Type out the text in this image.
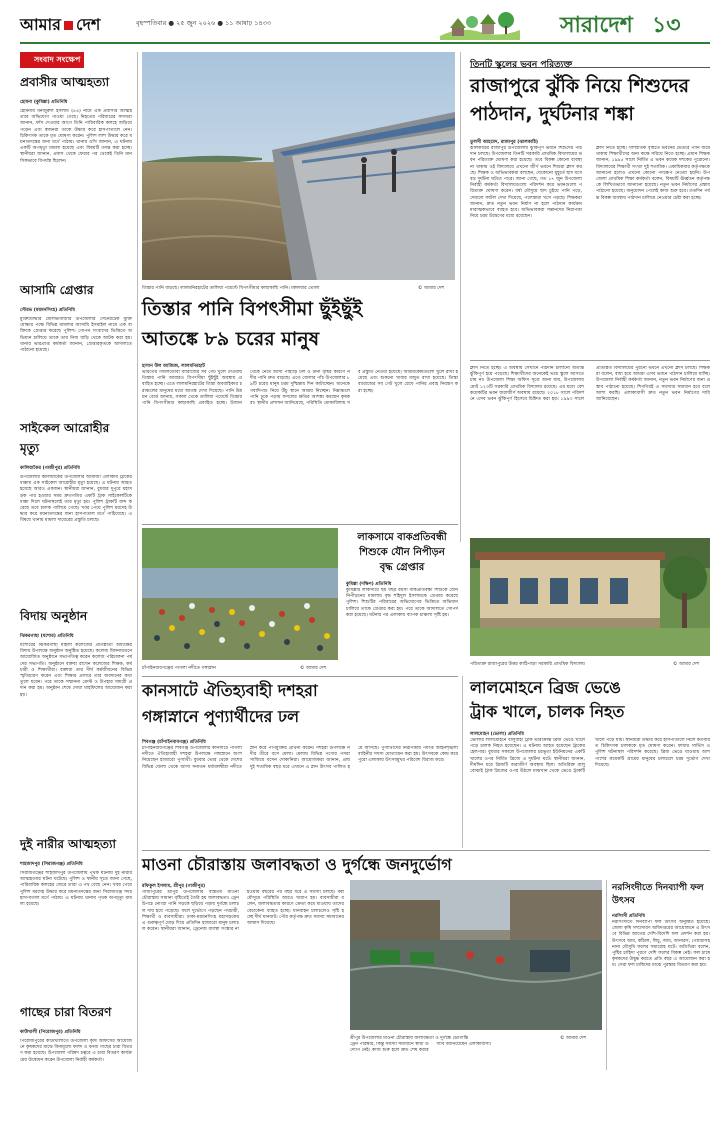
আমার দেশ	বৃহস্পতিবার ● ২৫ জুন ২০২৬ ● ১১ আষাঢ় ১৪৩৩	সারাদেশ ১৩
সংবাদ সংক্ষেপ
প্রবাসীর আত্মহত্যা
হোমনা (কুমিল্লা) প্রতিনিধি
হোমনায় মনজুরুল ইসলাম (৫৪) নামে এক প্রবাসীর আত্মহত্যার অভিযোগ পাওয়া গেছে। নিহতের পরিবারের সদস্যরা জানান, ফাঁস দেওয়ার আগে তিনি পারিবারিক কলহে জড়িয়ে পড়েন এবং স্বজনরা তাকে উদ্ধার করে হাসপাতালে নেন। চিকিৎসক তাকে মৃত ঘোষণা করেন। পুলিশ লাশ উদ্ধার করে ময়নাতদন্তের জন্য মর্গে পাঠায়। থানার ওসি জানান, এ ঘটনায় একটি অপমৃত্যু মামলা হয়েছে এবং বিষয়টি তদন্ত করা হচ্ছে। স্থানীয়রা জানান, প্রবাস থেকে ফেরার পর থেকেই তিনি মানসিকভাবে বিপর্যস্ত ছিলেন।
আসামি গ্রেপ্তার
সৌরভ (ময়মনসিংহ) প্রতিনিধি
মুক্তিযোদ্ধার মৌলভীবাজার উপজেলার সেনেরটেক মুক্তি যোদ্ধার পক্ষে বিভিন্ন মামলার আসামি ইসমাইল নামে এক ব্যক্তিকে গ্রেপ্তার করেছে পুলিশ। গোপন সংবাদের ভিত্তিতে অভিযান চালিয়ে তাকে তার নিজ বাড়ি থেকে আটক করা হয়। থানার ভারপ্রাপ্ত কর্মকর্তা জানান, গ্রেপ্তারকৃতকে আদালতে পাঠানো হয়েছে।
সাইকেল আরোহীর মৃত্যু
কালিয়াকৈর (গাজীপুর) প্রতিনিধি
উপজেলার কালিয়াকৈর উপজেলার আমাজী এলাকায় ট্রাকের ধাক্কায় এক সাইকেল আরোহীর মৃত্যু হয়েছে। এ ঘটনায় আহত হয়েছে আরও একজন। স্থানীয়রা জানান, বুধবার দুপুরে মহাসড়ক পার হওয়ার সময় দ্রুতগতির একটি ট্রাক সাইকেলটিকে ধাক্কা দিলে ঘটনাস্থলেই তার মৃত্যু হয়। পুলিশ ট্রাকটি জব্দ করেছে তবে চালক পালিয়ে গেছে। খবর পেয়ে পুলিশ মরদেহ উদ্ধার করে ময়নাতদন্তের জন্য হাসপাতাল মর্গে পাঠিয়েছে। এ বিষয়ে থানায় মামলা দায়েরের প্রস্তুতি চলছে।
বিদায় অনুষ্ঠান
ঝিকরগাছা (যশোর) প্রতিনিধি
যশোরের ঝিকরগাছা মহিলা কলেজের প্রতিষ্ঠাতা অধ্যক্ষের বিদায় উপলক্ষে অনুষ্ঠান অনুষ্ঠিত হয়েছে। কলেজ মিলনায়তনে আয়োজিত অনুষ্ঠানে সভাপতিত্ব করেন কলেজ পরিচালনা পর্ষদের সভাপতি। অনুষ্ঠানে বক্তব্য রাখেন কলেজের শিক্ষক, কর্মচারী ও শিক্ষার্থীরা। বক্তারা তার দীর্ঘ কর্মজীবনের বিভিন্ন স্মৃতিচারণ করেন এবং শিক্ষার প্রসারে তার অবদানের কথা তুলে ধরেন। পরে তাকে সম্মাননা ক্রেস্ট ও উপহার সামগ্রী প্রদান করা হয়। অনুষ্ঠান শেষে দোয়া মাহফিলের আয়োজন করা হয়।
দুই নারীর আত্মহত্যা
শাহজাদপুর (সিরাজগঞ্জ) প্রতিনিধি
সিরাজগঞ্জের শাহজাদপুর উপজেলায় পৃথক ঘটনায় দুই নারীর আত্মহত্যার ঘটনা ঘটেছে। পুলিশ ও স্থানীয় সূত্রে জানা গেছে, পারিবারিক কলহের জেরে তারা এ পথ বেছে নেন। খবর পেয়ে পুলিশ মরদেহ উদ্ধার করে ময়নাতদন্তের জন্য সিরাজগঞ্জ সদর হাসপাতাল মর্গে পাঠায়। এ ঘটনায় থানায় পৃথক অপমৃত্যু মামলা হয়েছে।
গাছের চারা বিতরণ
কাউখালী (পিরোজপুর) প্রতিনিধি
পিরোজপুরের কাউখালীতে উপজেলা কৃষি অফিসের আয়োজনে কৃষকদের মাঝে বিনামূল্যে ফলদ ও বনজ গাছের চারা বিতরণ করা হয়েছে। উপজেলা পরিষদ চত্বরে এ চারা বিতরণ কার্যক্রমের উদ্বোধন করেন উপজেলা নির্বাহী কর্মকর্তা।
তিস্তার পানি বাড়ছে। লালমনিরহাটের ডালিয়া পয়েন্টে বিপৎসীমার কাছাকাছি পানি। মঙ্গলবার তোলা	© আমার দেশ
তিনটি স্কুলের ভবন পরিত্যক্ত
রাজাপুরে ঝুঁকি নিয়ে শিশুদের
পাঠদান, দুর্ঘটনার শঙ্কা
তুলসী আহমেদ, রাজাপুর (ঝালকাঠি)
ঝালকাঠির রাজাপুর উপজেলায় ঝুঁকিপূর্ণ ভবনে শিশুদের পাঠদান চলছে। উপজেলার তিনটি সরকারি প্রাথমিক বিদ্যালয়ের ভবন পরিত্যক্ত ঘোষণা করা হয়েছে। তবে বিকল্প কোনো ব্যবস্থা না থাকায় ওই বিদ্যালয়ে এখনো জীর্ণ ভবনে শিশুরা ক্লাস করছে। শিক্ষক ও অভিভাবকরা বলছেন, যেকোনো মুহূর্তে ছাদ ধসে বড় দুর্ঘটনা ঘটতে পারে। জানা গেছে, গত ১৭ জুন উপজেলা নির্বাহী কর্মকর্তা বিদ্যালয়গুলো পরিদর্শন করে ভবনগুলো পরিত্যক্ত ঘোষণা করেন। বর্ষা মৌসুমে ছাদ চুইয়ে পানি পড়ে, দেয়ালে ফাটল দেখা দিয়েছে, পলেস্তারা খসে পড়ছে। শিক্ষকরা জানান, দ্রুত নতুন ভবন নির্মাণ না হলে পাঠদান কার্যক্রম মারাত্মকভাবে ব্যাহত হবে। অভিভাবকরা সন্তানদের নিরাপত্তা নিয়ে চরম উদ্বেগের মধ্যে রয়েছেন।
ক্লাস নিতে হচ্ছে। সাম্প্রতিক বৃষ্টিতে ভবনের ভেতরে পানি জমে থাকায় শিক্ষার্থীদের অন্য কক্ষে সরিয়ে নিতে হচ্ছে। প্রধান শিক্ষক জানান, ১৯৯৫ সালে নির্মিত এ ভবন কয়েক দশকের পুরোনো। বিদ্যালয়ের শিক্ষার্থী সংখ্যা দুই শতাধিক। একাধিকবার কর্তৃপক্ষকে জানানো হলেও এখনো কোনো পদক্ষেপ নেওয়া হয়নি। উপজেলা প্রাথমিক শিক্ষা কর্মকর্তা বলেন, বিষয়টি ঊর্ধ্বতন কর্তৃপক্ষকে লিখিতভাবে জানানো হয়েছে। নতুন ভবন নির্মাণের প্রস্তাব পাঠানো হয়েছে। অনুমোদন পেলেই কাজ শুরু হবে। ততদিন পর্যন্ত বিকল্প ব্যবস্থায় পাঠদান চালিয়ে নেওয়ার চেষ্টা করা হচ্ছে।
পরিত্যক্ত রাজাপুরের উত্তর কাঠিপাড়া সরকারি প্রাথমিক বিদ্যালয়	© আমার দেশ
ক্লাস নিতে হচ্ছে। এ অবস্থায় সেখানে পাঠদান চালানো অত্যন্ত ঝুঁকিপূর্ণ হয়ে পড়েছে। শিক্ষার্থীদের অনেকেই ভয়ে স্কুলে আসতে চায় না। উপজেলা শিক্ষা অফিস সূত্রে জানা যায়, উপজেলায় মোট ১২৩টি সরকারি প্রাথমিক বিদ্যালয় রয়েছে। এর মধ্যে বেশ কয়েকটির ভবন জরাজীর্ণ অবস্থায় রয়েছে। ২০১৮ সালে পরিদর্শনে এসব ভবন ঝুঁকিপূর্ণ হিসেবে চিহ্নিত করা হয়। ১৯৯৩ সালে প্রতিষ্ঠিত বিদ্যালয়ের পুরনো ভবনে এখনো ক্লাস চলছে। শিক্ষকরা বলেন, বাধ্য হয়ে আমরা এসব ভবনে পাঠদান চালিয়ে যাচ্ছি। উপজেলা নির্বাহী কর্মকর্তা জানান, নতুন ভবন নির্মাণের জন্য প্রস্তাব পাঠানো হয়েছে। শিগগিরই এ সমস্যার সমাধান হবে বলে আশা করছি। এলাকাবাসী দ্রুত নতুন ভবন নির্মাণের দাবি জানিয়েছেন।
তিস্তার পানি বিপৎসীমা ছুঁইছুঁই
আতঙ্কে ৮৯ চরের মানুষ
হাসান উল আজিজ, লালমনিরহাট
ভারতের গজলডোবা ব্যারাজের সব গেট খুলে দেওয়ায় তিস্তার পানি আবারও বিপৎসীমা ছুঁইছুঁই অবস্থায় প্রবাহিত হচ্ছে। এতে লালমনিরহাটের তিস্তা অববাহিকার চরাঞ্চলের মানুষের মধ্যে আতঙ্ক দেখা দিয়েছে। পানি উন্নয়ন বোর্ড জানায়, সকাল থেকে ডালিয়া পয়েন্টে তিস্তার পানি বিপৎসীমার কাছাকাছি প্রবাহিত হচ্ছে। উজান থেকে নেমে আসা পাহাড়ি ঢল ও টানা বৃষ্টির কারণে নদীর পানি দ্রুত বাড়ছে। এতে জেলার পাঁচ উপজেলার ৮৯টি চরের মানুষ চরম দুশ্চিন্তায় দিন কাটাচ্ছেন। অনেকে গবাদিপশু নিয়ে উঁচু স্থানে আশ্রয় নিচ্ছেন। নিম্নাঞ্চলে পানি ঢুকে পড়ায় ফসলের ক্ষতির আশঙ্কা করছেন কৃষকরা। স্থানীয় প্রশাসন জানিয়েছে, পরিস্থিতি মোকাবিলায় সব প্রস্তুতি নেওয়া হয়েছে। আশ্রয়কেন্দ্রগুলো খুলে রাখা হয়েছে এবং শুকনো খাবার মজুত রাখা হয়েছে। তিস্তা ব্যারাজের সব গেট খুলে রেখে পানির প্রবাহ নিয়ন্ত্রণ করা হচ্ছে।
চাঁপাইনবাবগঞ্জের পাগলা নদীতে গঙ্গাস্নান	© আমার দেশ
লাকসামে বাকপ্রতিবন্ধী
শিশুকে যৌন নিপীড়ন
বৃদ্ধ গ্রেপ্তার
কুমিল্লা (দক্ষিণ) প্রতিনিধি
কুমিল্লার লাকসামে ছয় বছর বয়সী বাকপ্রতিবন্ধী শিশুকে যৌন নিপীড়নের মামলায় বৃদ্ধ শহিদুল ইসলামকে গ্রেপ্তার করেছে পুলিশ। শিশুটির পরিবারের অভিযোগের ভিত্তিতে অভিযান চালিয়ে তাকে গ্রেপ্তার করা হয়। পরে তাকে আদালতে সোপর্দ করা হয়েছে। ঘটনার পর এলাকায় ব্যাপক চাঞ্চল্য সৃষ্টি হয়।
কানসাটে ঐতিহ্যবাহী দশহরা
গঙ্গাস্নানে পুণ্যার্থীদের ঢল
শিবগঞ্জ (চাঁপাইনবাবগঞ্জ) প্রতিনিধি
চাঁপাইনবাবগঞ্জের শিবগঞ্জ উপজেলার কানসাটে পাগলা নদীতে ঐতিহ্যবাহী দশহরা উপলক্ষে গঙ্গাস্নানে অংশ নিয়েছেন হাজারো পুণ্যার্থী। বুধবার ভোর থেকে দেশের বিভিন্ন জেলা থেকে আসা সনাতন ধর্মাবলম্বীরা নদীতে স্নান করে পাপমুক্তির প্রার্থনা করেন। দশহরা উপলক্ষে নদীর তীরে বসে মেলা। মেলায় বিভিন্ন পণ্যের পসরা সাজিয়ে বসেন দোকানিরা। আয়োজকরা জানান, প্রায় দুই শতাধিক বছর ধরে এখানে এ স্নান উৎসব পালিত হয়ে আসছে। পুণ্যার্থীদের নিরাপত্তায় পর্যাপ্ত আইনশৃঙ্খলা বাহিনীর সদস্য মোতায়েন করা হয়। উৎসবকে কেন্দ্র করে পুরো এলাকায় উৎসবমুখর পরিবেশ বিরাজ করে।
লালমোহনে ব্রিজ ভেঙে
ট্রাক খালে, চালক নিহত
লালমোহন (ভোলা) প্রতিনিধি
ভোলার লালমোহনে বালুবাহী ট্রাক ভারাক্রান্ত ব্রিজ ভেঙে খালে পড়ে চালক নিহত হয়েছেন। এ ঘটনায় আহত হয়েছেন ট্রাকের হেলপার। বুধবার সকালে উপজেলার চরভূতা ইউনিয়নের একটি খালের ওপর নির্মিত ব্রিজে এ দুর্ঘটনা ঘটে। স্থানীয়রা জানান, দীর্ঘদিন ধরে ব্রিজটি জরাজীর্ণ অবস্থায় ছিল। অতিরিক্ত বালু বোঝাই ট্রাক ব্রিজের ওপর উঠলে মাঝখান থেকে ভেঙে ট্রাকটি খালে পড়ে যায়। স্থানীয়রা উদ্ধার করে হাসপাতালে নিলে কর্তব্যরত চিকিৎসক চালককে মৃত ঘোষণা করেন। ফায়ার সার্ভিস ও পুলিশ ঘটনাস্থল পরিদর্শন করেছে। ব্রিজ ভেঙে যাওয়ায় আশপাশের কয়েকটি গ্রামের মানুষের চলাচলে চরম দুর্ভোগ দেখা দিয়েছে।
মাওনা চৌরাস্তায় জলাবদ্ধতা ও দুর্গন্ধে জনদুর্ভোগ
রফিকুল ইসলাম, শ্রীপুর (গাজীপুর)
গাজীপুরের শ্রীপুর উপজেলার ব্যস্ততম মাওনা চৌরাস্তায় সামান্য বৃষ্টিতেই তৈরি হয় জলাবদ্ধতা। ড্রেন উপচে নোংরা পানি সড়কে ছড়িয়ে পড়ায় দুর্গন্ধে চলাচল দায় হয়ে পড়েছে। ফলে দুর্ভোগে পড়ছেন পথচারী, শিক্ষার্থী ও ব্যবসায়ীরা। ঢাকা-ময়মনসিংহ মহাসড়কের এ গুরুত্বপূর্ণ মোড় দিয়ে প্রতিদিন হাজারো মানুষ চলাচল করেন। স্থানীয়রা জানান, ড্রেনেজ ব্যবস্থা সংস্কার না হওয়ায় বছরের পর বছর ধরে এ সমস্যা চলছে। বর্ষা মৌসুমে পরিস্থিতি আরও খারাপ হয়। ব্যবসায়ীরা বলেন, জলাবদ্ধতার কারণে ক্রেতা কমে যাওয়ায় তাদের বেচাকেনা ব্যাহত হচ্ছে। যানবাহন চলাচলেও সৃষ্টি হচ্ছে দীর্ঘ যানজট। পৌর কর্তৃপক্ষ দ্রুত সমস্যা সমাধানের আশ্বাস দিয়েছে।
শ্রীপুর উপজেলার মাওনা চৌরাস্তায় জলাবদ্ধতা ও দুর্গন্ধে ভোগান্তি	© আমার দেশ
ড্রেন পরিষ্কার, কিন্তু সমস্যা সমাধানে স্থায়ী উদ্যোগ নেই। কাজ শুরু হলে দ্রুত শেষ করার দাবি জানিয়েছেন এলাকাবাসী।
নরসিংদীতে দিনব্যাপী ফল উৎসব
নরসিংদী প্রতিনিধি
নরসিংদীতে দিনব্যাপী ফল উৎসব অনুষ্ঠিত হয়েছে। জেলা কৃষি সম্প্রসারণ অধিদপ্তরের আয়োজনে এ উৎসবে বিভিন্ন জাতের দেশি-বিদেশি ফল প্রদর্শন করা হয়। উৎসবে আম, কাঁঠাল, লিচু, জাম, আনারস, পেয়ারাসহ নানা মৌসুমি ফলের সমারোহ ঘটে। অতিথিরা বলেন, পুষ্টির চাহিদা পূরণে দেশি ফলের বিকল্প নেই। ফল চাষে কৃষকদের উদ্বুদ্ধ করতে প্রতি বছর এ আয়োজন করা হয়। সেরা ফল চাষিদের মাঝে পুরস্কার বিতরণ করা হয়।
